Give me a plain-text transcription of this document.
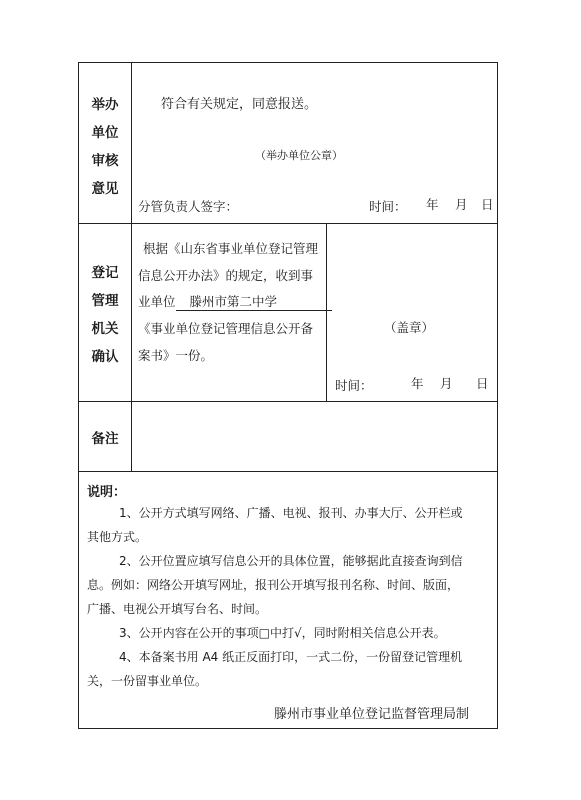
举办
单位
审核
意见
符合有关规定，同意报送。
（举办单位公章）
分管负责人签字：	时间： 年 月 日
登记
管理
机关
确认
根据《山东省事业单位登记管理
信息公开办法》的规定，收到事
业单位 滕州市第二中学
《事业单位登记管理信息公开备
案书》一份。
（盖章）
时间：	年 月 日
备注
说明：
1、公开方式填写网络、广播、电视、报刊、办事大厅、公开栏或
其他方式。
2、公开位置应填写信息公开的具体位置，能够据此直接查询到信
息。例如：网络公开填写网址，报刊公开填写报刊名称、时间、版面，
广播、电视公开填写台名、时间。
3、公开内容在公开的事项□中打√，同时附相关信息公开表。
4、本备案书用 A4 纸正反面打印，一式二份，一份留登记管理机
关，一份留事业单位。
滕州市事业单位登记监督管理局制
